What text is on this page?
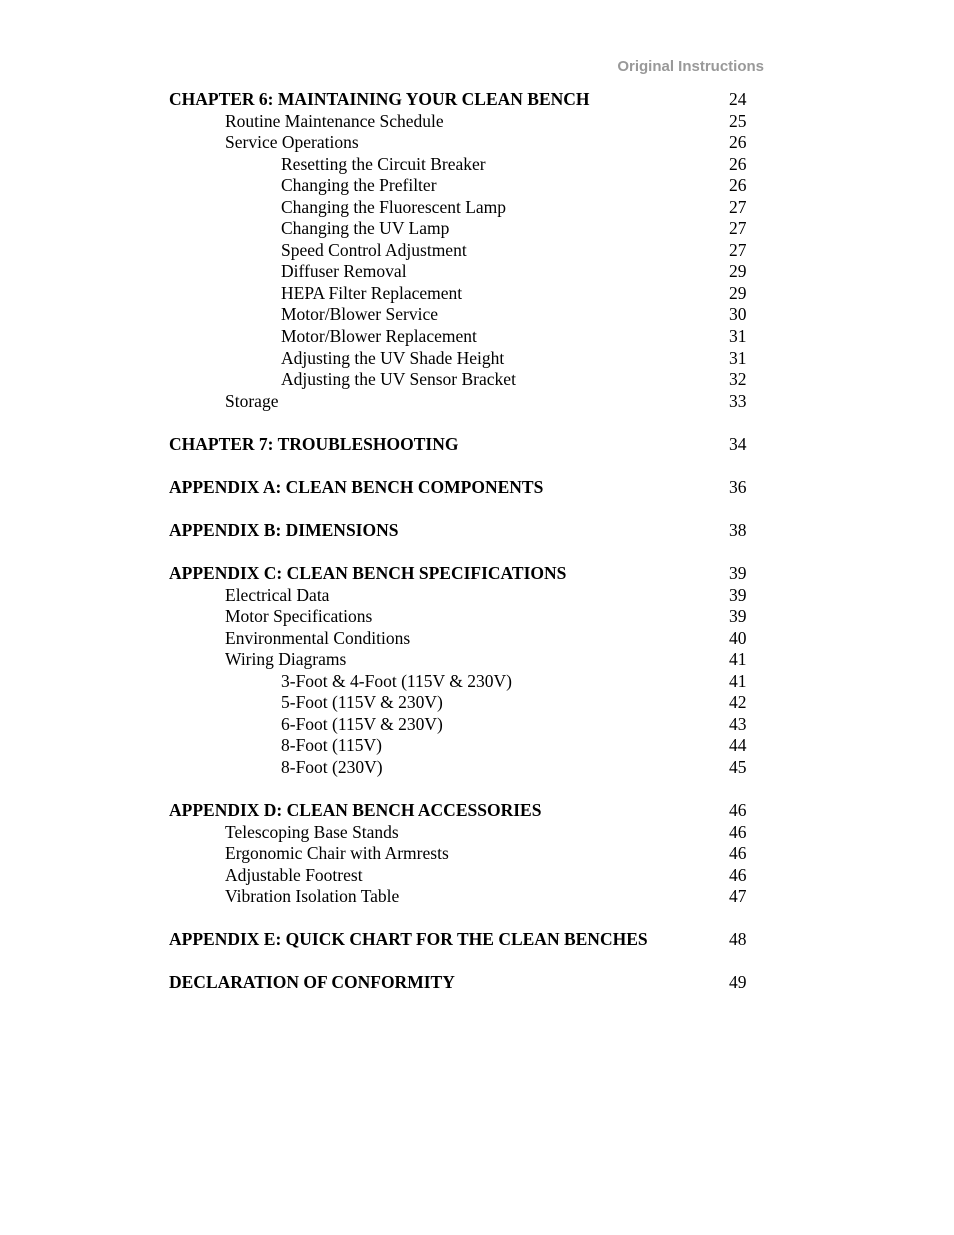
Original Instructions
CHAPTER 6: MAINTAINING YOUR CLEAN BENCH	24
Routine Maintenance Schedule	25
Service Operations	26
Resetting the Circuit Breaker	26
Changing the Prefilter	26
Changing the Fluorescent Lamp	27
Changing the UV Lamp	27
Speed Control Adjustment	27
Diffuser Removal	29
HEPA Filter Replacement	29
Motor/Blower Service	30
Motor/Blower Replacement	31
Adjusting the UV Shade Height	31
Adjusting the UV Sensor Bracket	32
Storage	33
CHAPTER 7: TROUBLESHOOTING	34
APPENDIX A: CLEAN BENCH COMPONENTS	36
APPENDIX B: DIMENSIONS	38
APPENDIX C: CLEAN BENCH SPECIFICATIONS	39
Electrical Data	39
Motor Specifications	39
Environmental Conditions	40
Wiring Diagrams	41
3-Foot & 4-Foot (115V & 230V)	41
5-Foot (115V & 230V)	42
6-Foot (115V & 230V)	43
8-Foot (115V)	44
8-Foot (230V)	45
APPENDIX D: CLEAN BENCH ACCESSORIES	46
Telescoping Base Stands	46
Ergonomic Chair with Armrests	46
Adjustable Footrest	46
Vibration Isolation Table	47
APPENDIX E: QUICK CHART FOR THE CLEAN BENCHES	48
DECLARATION OF CONFORMITY	49
